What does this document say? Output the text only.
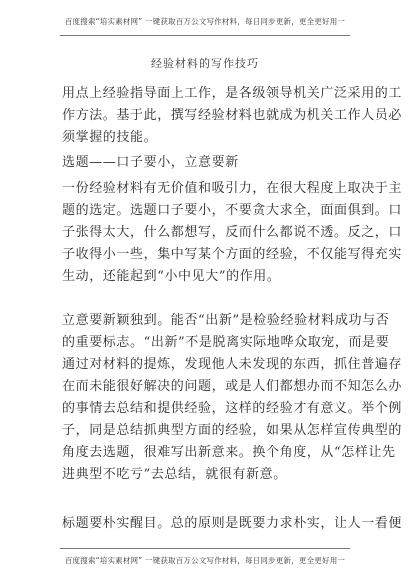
百度搜索“培实素材网” 一键获取百万公文写作材料，每日同步更新，更全更好用一
经验材料的写作技巧
用点上经验指导面上工作，是各级领导机关广泛采用的工
作方法。基于此，撰写经验材料也就成为机关工作人员必
须掌握的技能。
选题——口子要小，立意要新
一份经验材料有无价值和吸引力，在很大程度上取决于主
题的选定。选题口子要小，不要贪大求全，面面俱到。口
子张得太大，什么都想写，反而什么都说不透。反之，口
子收得小一些，集中写某个方面的经验，不仅能写得充实
生动，还能起到“小中见大”的作用。
立意要新颖独到。能否“出新”是检验经验材料成功与否
的重要标志。“出新”不是脱离实际地哗众取宠，而是要
通过对材料的提炼，发现他人未发现的东西，抓住普遍存
在而未能很好解决的问题，或是人们都想办而不知怎么办
的事情去总结和提供经验，这样的经验才有意义。举个例
子，同是总结抓典型方面的经验，如果从怎样宣传典型的
角度去选题，很难写出新意来。换个角度，从“怎样让先
进典型不吃亏”去总结，就很有新意。
标题要朴实醒目。总的原则是既要力求朴实，让人一看便
百度搜索“培实素材网” 一键获取百万公文写作材料，每日同步更新，更全更好用一
